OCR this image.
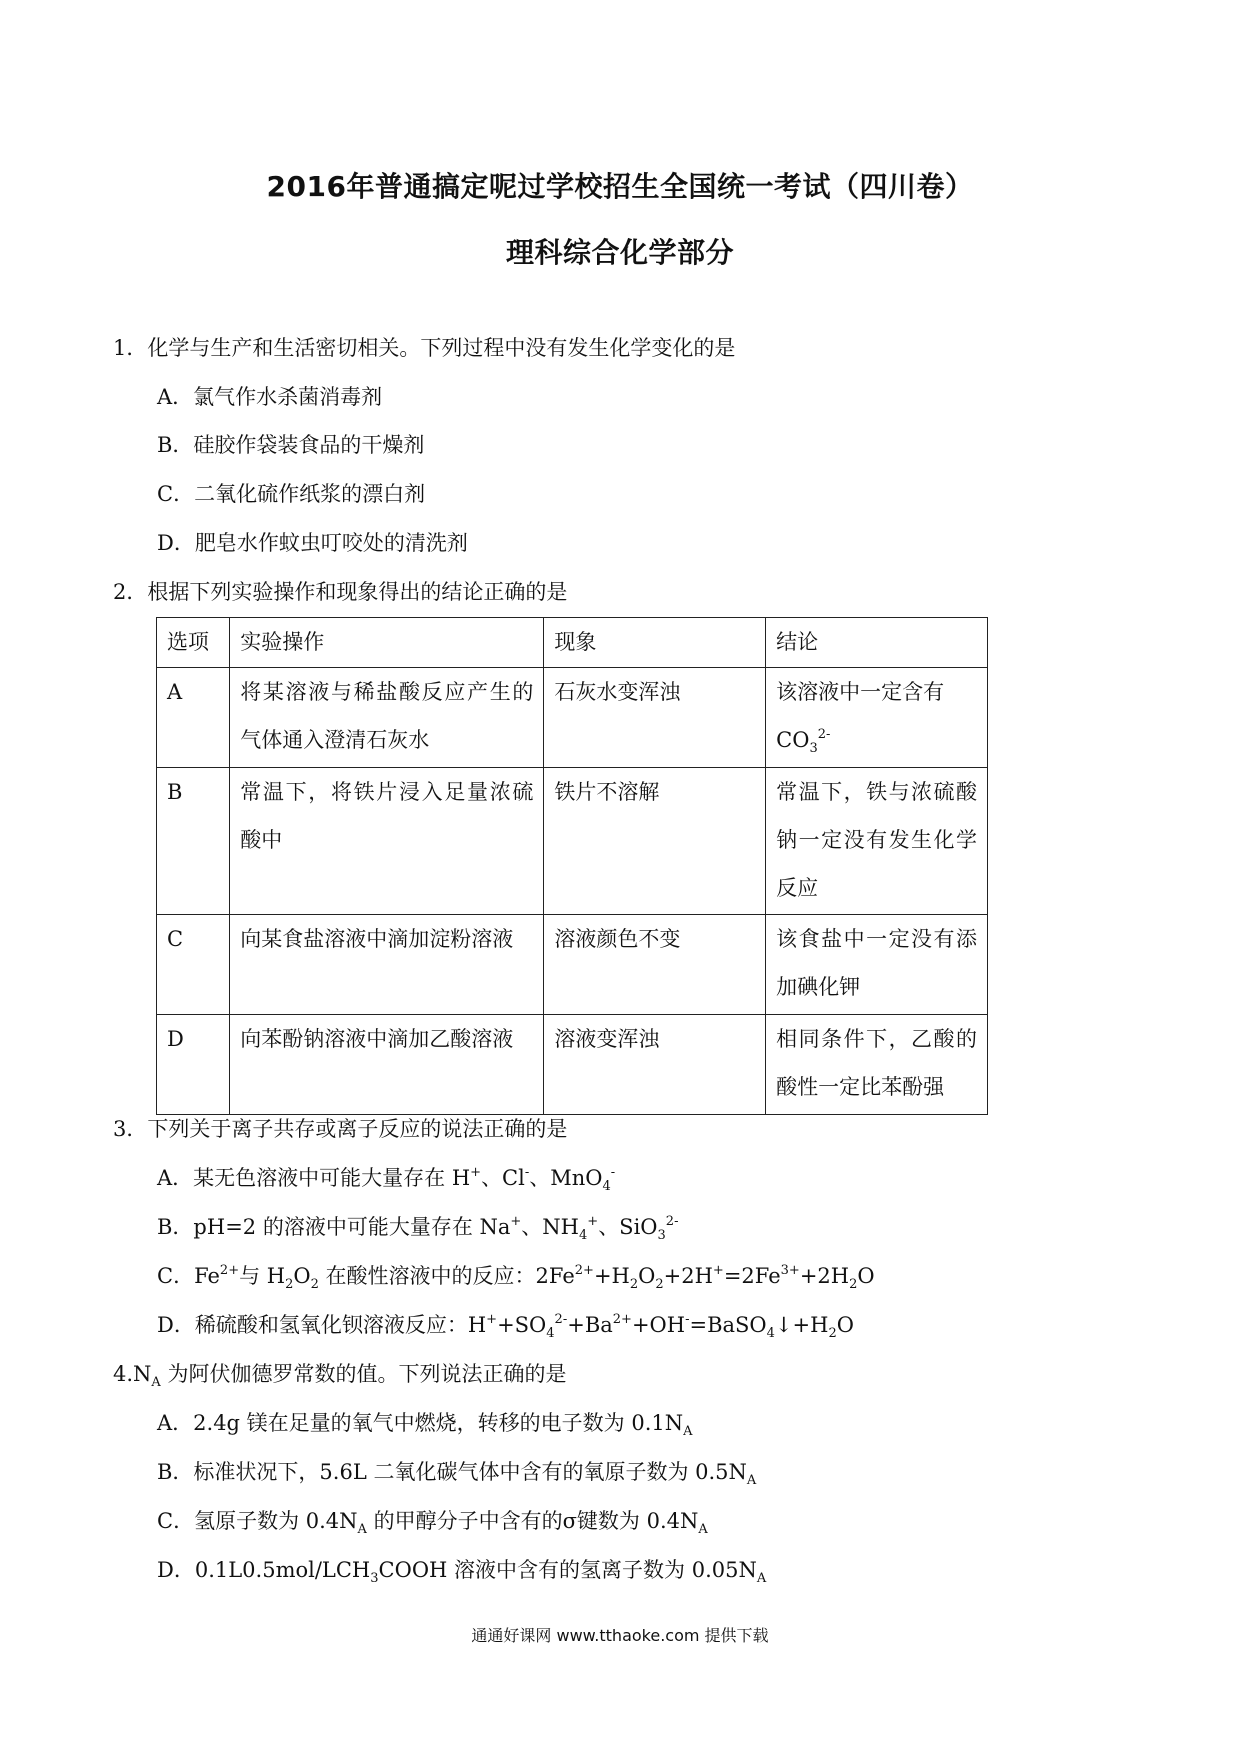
2016年普通搞定呢过学校招生全国统一考试（四川卷）
理科综合化学部分
1．化学与生产和生活密切相关。下列过程中没有发生化学变化的是
A．氯气作水杀菌消毒剂
B．硅胶作袋装食品的干燥剂
C．二氧化硫作纸浆的漂白剂
D．肥皂水作蚊虫叮咬处的清洗剂
2．根据下列实验操作和现象得出的结论正确的是
选项	实验操作	现象	结论

A	将某溶液与稀盐酸反应产生的气体通入澄清石灰水	石灰水变浑浊	该溶液中一定含有
$CO_3^{2-}$

B	常温下，将铁片浸入足量浓硫酸中	铁片不溶解	常温下，铁与浓硫酸钠一定没有发生化学反应

C	向某食盐溶液中滴加淀粉溶液	溶液颜色不变	该食盐中一定没有添加碘化钾

D	向苯酚钠溶液中滴加乙酸溶液	溶液变浑浊	相同条件下，乙酸的酸性一定比苯酚强
3．下列关于离子共存或离子反应的说法正确的是
A．某无色溶液中可能大量存在 H+、Cl-、MnO$_4$-
B．pH=2 的溶液中可能大量存在 Na+、$NH_4^+$、SiO$_3^{2-}$
C．$Fe^{2+}$与 $H_2O_2$ 在酸性溶液中的反应：$2Fe^{2+}+H_2O_2+2H^+=2Fe^{3+}+2H_2O$
D．稀硫酸和氢氧化钡溶液反应：$H^++SO_4^{2-}+Ba^{2+}+OH^-=BaSO_4↓+H_2O$
$4.N_A$ 为阿伏伽德罗常数的值。下列说法正确的是
A．2.4g 镁在足量的氧气中燃烧，转移的电子数为 $0.1N_A$
B．标准状况下，5.6L 二氧化碳气体中含有的氧原子数为 $0.5N_A$
C．氢原子数为 $0.4N_A$ 的甲醇分子中含有的σ键数为 $0.4N_A$
D．$0.1L0.5mol/LCH_3COOH$ 溶液中含有的氢离子数为 $0.05N_A$
通通好课网 www.tthaoke.com 提供下载
